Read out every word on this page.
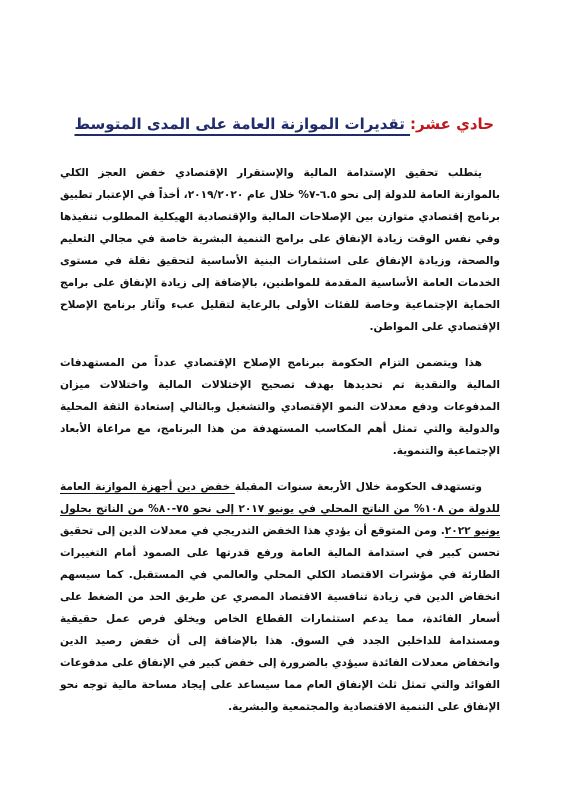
حادي عشر: تقديرات الموازنة العامة على المدى المتوسط

يتطلب تحقيق الإستدامة المالية والإستقرار الإقتصادي خفض العجز الكلي بالموازنة العامة للدولة إلى نحو ٦.٥-٧% خلال عام ٢٠١٩/٢٠٢٠، أخذاً في الإعتبار تطبيق برنامج إقتصادي متوازن بين الإصلاحات المالية والإقتصادية الهيكلية المطلوب تنفيذها وفي نفس الوقت زيادة الإنفاق على برامج التنمية البشرية خاصة في مجالي التعليم والصحة، وزيادة الإنفاق على استثمارات البنية الأساسية لتحقيق نقلة في مستوى الخدمات العامة الأساسية المقدمة للمواطنين، بالإضافة إلى زيادة الإنفاق على برامج الحماية الإجتماعية وخاصة للفئات الأولى بالرعاية لتقليل عبء وآثار برنامج الإصلاح الإقتصادي على المواطن.

هذا ويتضمن التزام الحكومة ببرنامج الإصلاح الإقتصادي عدداً من المستهدفات المالية والنقدية تم تحديدها بهدف تصحيح الإختلالات المالية واختلالات ميزان المدفوعات ودفع معدلات النمو الإقتصادي والتشغيل وبالتالي إستعادة الثقة المحلية والدولية والتي تمثل أهم المكاسب المستهدفة من هذا البرنامج، مع مراعاة الأبعاد الإجتماعية والتنموية.

وتستهدف الحكومة خلال الأربعة سنوات المقبلة خفض دين أجهزة الموازنة العامة للدولة من ١٠٨% من الناتج المحلي في يونيو ٢٠١٧ إلى نحو ٧٥-٨٠% من الناتج بحلول يونيو ٢٠٢٢. ومن المتوقع أن يؤدي هذا الخفض التدريجي في معدلات الدين إلى تحقيق تحسن كبير في استدامة المالية العامة ورفع قدرتها على الصمود أمام التغييرات الطارئة في مؤشرات الاقتصاد الكلي المحلي والعالمي في المستقبل. كما سيسهم انخفاض الدين في زيادة تنافسية الاقتصاد المصري عن طريق الحد من الضغط على أسعار الفائدة، مما يدعم استثمارات القطاع الخاص ويخلق فرص عمل حقيقية ومستدامة للداخلين الجدد في السوق. هذا بالإضافة إلى أن خفض رصيد الدين وانخفاض معدلات الفائدة سيؤدي بالضرورة إلى خفض كبير في الإنفاق على مدفوعات الفوائد والتي تمثل ثلث الإنفاق العام مما سيساعد على إيجاد مساحة مالية توجه نحو الإنفاق على التنمية الاقتصادية والمجتمعية والبشرية.
